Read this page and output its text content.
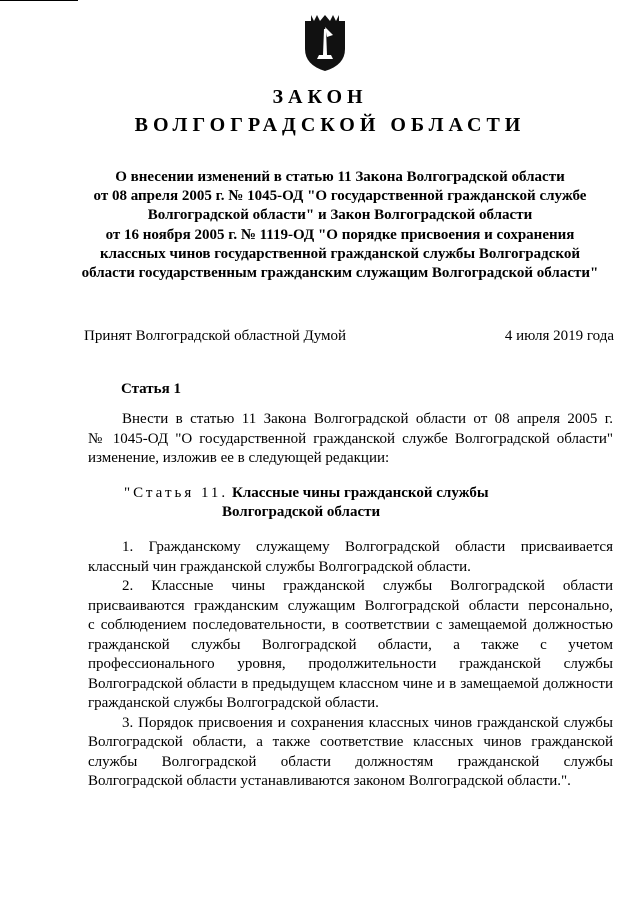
ЗАКОН
ВОЛГОГРАДСКОЙ ОБЛАСТИ
О внесении изменений в статью 11 Закона Волгоградской области
от 08 апреля 2005 г. № 1045-ОД "О государственной гражданской службе
Волгоградской области" и Закон Волгоградской области
от 16 ноября 2005 г. № 1119-ОД "О порядке присвоения и сохранения
классных чинов государственной гражданской службы Волгоградской
области государственным гражданским служащим Волгоградской области"
Принят Волгоградской областной Думой	4 июля 2019 года
Статья 1
Внести в статью 11 Закона Волгоградской области от 08 апреля 2005 г.
№ 1045-ОД "О государственной гражданской службе Волгоградской области"
изменение, изложив ее в следующей редакции:
"Статья 11. Классные чины гражданской службы
Волгоградской области
1. Гражданскому служащему Волгоградской области присваивается
классный чин гражданской службы Волгоградской области.
2. Классные чины гражданской службы Волгоградской области
присваиваются гражданским служащим Волгоградской области персонально,
с соблюдением последовательности, в соответствии с замещаемой должностью
гражданской службы Волгоградской области, а также с учетом
профессионального уровня, продолжительности гражданской службы
Волгоградской области в предыдущем классном чине и в замещаемой должности
гражданской службы Волгоградской области.
3. Порядок присвоения и сохранения классных чинов гражданской службы
Волгоградской области, а также соответствие классных чинов гражданской
службы Волгоградской области должностям гражданской службы
Волгоградской области устанавливаются законом Волгоградской области.".
